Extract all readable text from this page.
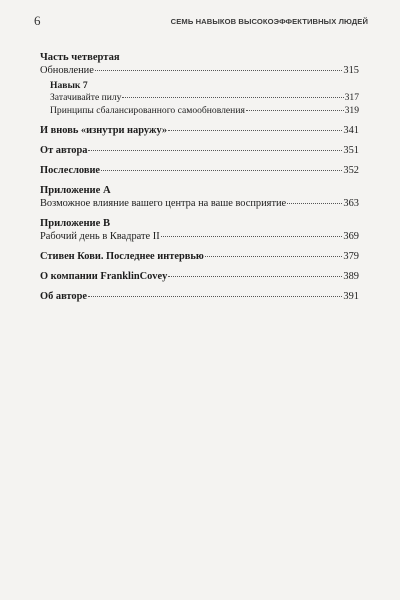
6	СЕМЬ НАВЫКОВ ВЫСОКОЭФФЕКТИВНЫХ ЛЮДЕЙ
Часть четвертая
Обновление	315
Навык 7
Затачивайте пилу	317
Принципы сбалансированного самообновления	319
И вновь «изнутри наружу»	341
От автора	351
Послесловие	352
Приложение А
Возможное влияние вашего центра на ваше восприятие	363
Приложение В
Рабочий день в Квадрате II	369
Стивен Кови. Последнее интервью	379
О компании FranklinCovey	389
Об авторе	391
